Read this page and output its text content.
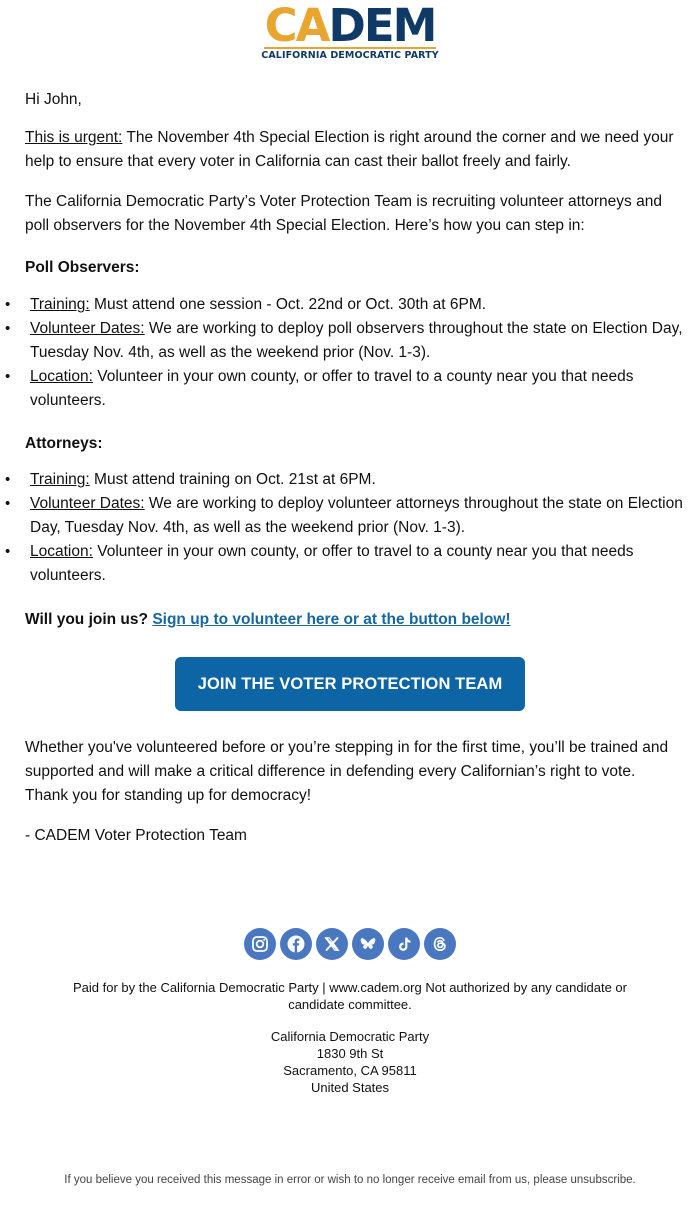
CADEM
CALIFORNIA DEMOCRATIC PARTY
Hi John,
This is urgent: The November 4th Special Election is right around the corner and we need your help to ensure that every voter in California can cast their ballot freely and fairly.
The California Democratic Party’s Voter Protection Team is recruiting volunteer attorneys and poll observers for the November 4th Special Election. Here’s how you can step in:
Poll Observers:
• Training: Must attend one session - Oct. 22nd or Oct. 30th at 6PM.
• Volunteer Dates: We are working to deploy poll observers throughout the state on Election Day, Tuesday Nov. 4th, as well as the weekend prior (Nov. 1-3).
• Location: Volunteer in your own county, or offer to travel to a county near you that needs volunteers.
Attorneys:
• Training: Must attend training on Oct. 21st at 6PM.
• Volunteer Dates: We are working to deploy volunteer attorneys throughout the state on Election Day, Tuesday Nov. 4th, as well as the weekend prior (Nov. 1-3).
• Location: Volunteer in your own county, or offer to travel to a county near you that needs volunteers.
Will you join us? Sign up to volunteer here or at the button below!
JOIN THE VOTER PROTECTION TEAM
Whether you've volunteered before or you’re stepping in for the first time, you’ll be trained and supported and will make a critical difference in defending every Californian’s right to vote. Thank you for standing up for democracy!
- CADEM Voter Protection Team
Paid for by the California Democratic Party | www.cadem.org Not authorized by any candidate or candidate committee.
California Democratic Party
1830 9th St
Sacramento, CA 95811
United States
If you believe you received this message in error or wish to no longer receive email from us, please unsubscribe.
